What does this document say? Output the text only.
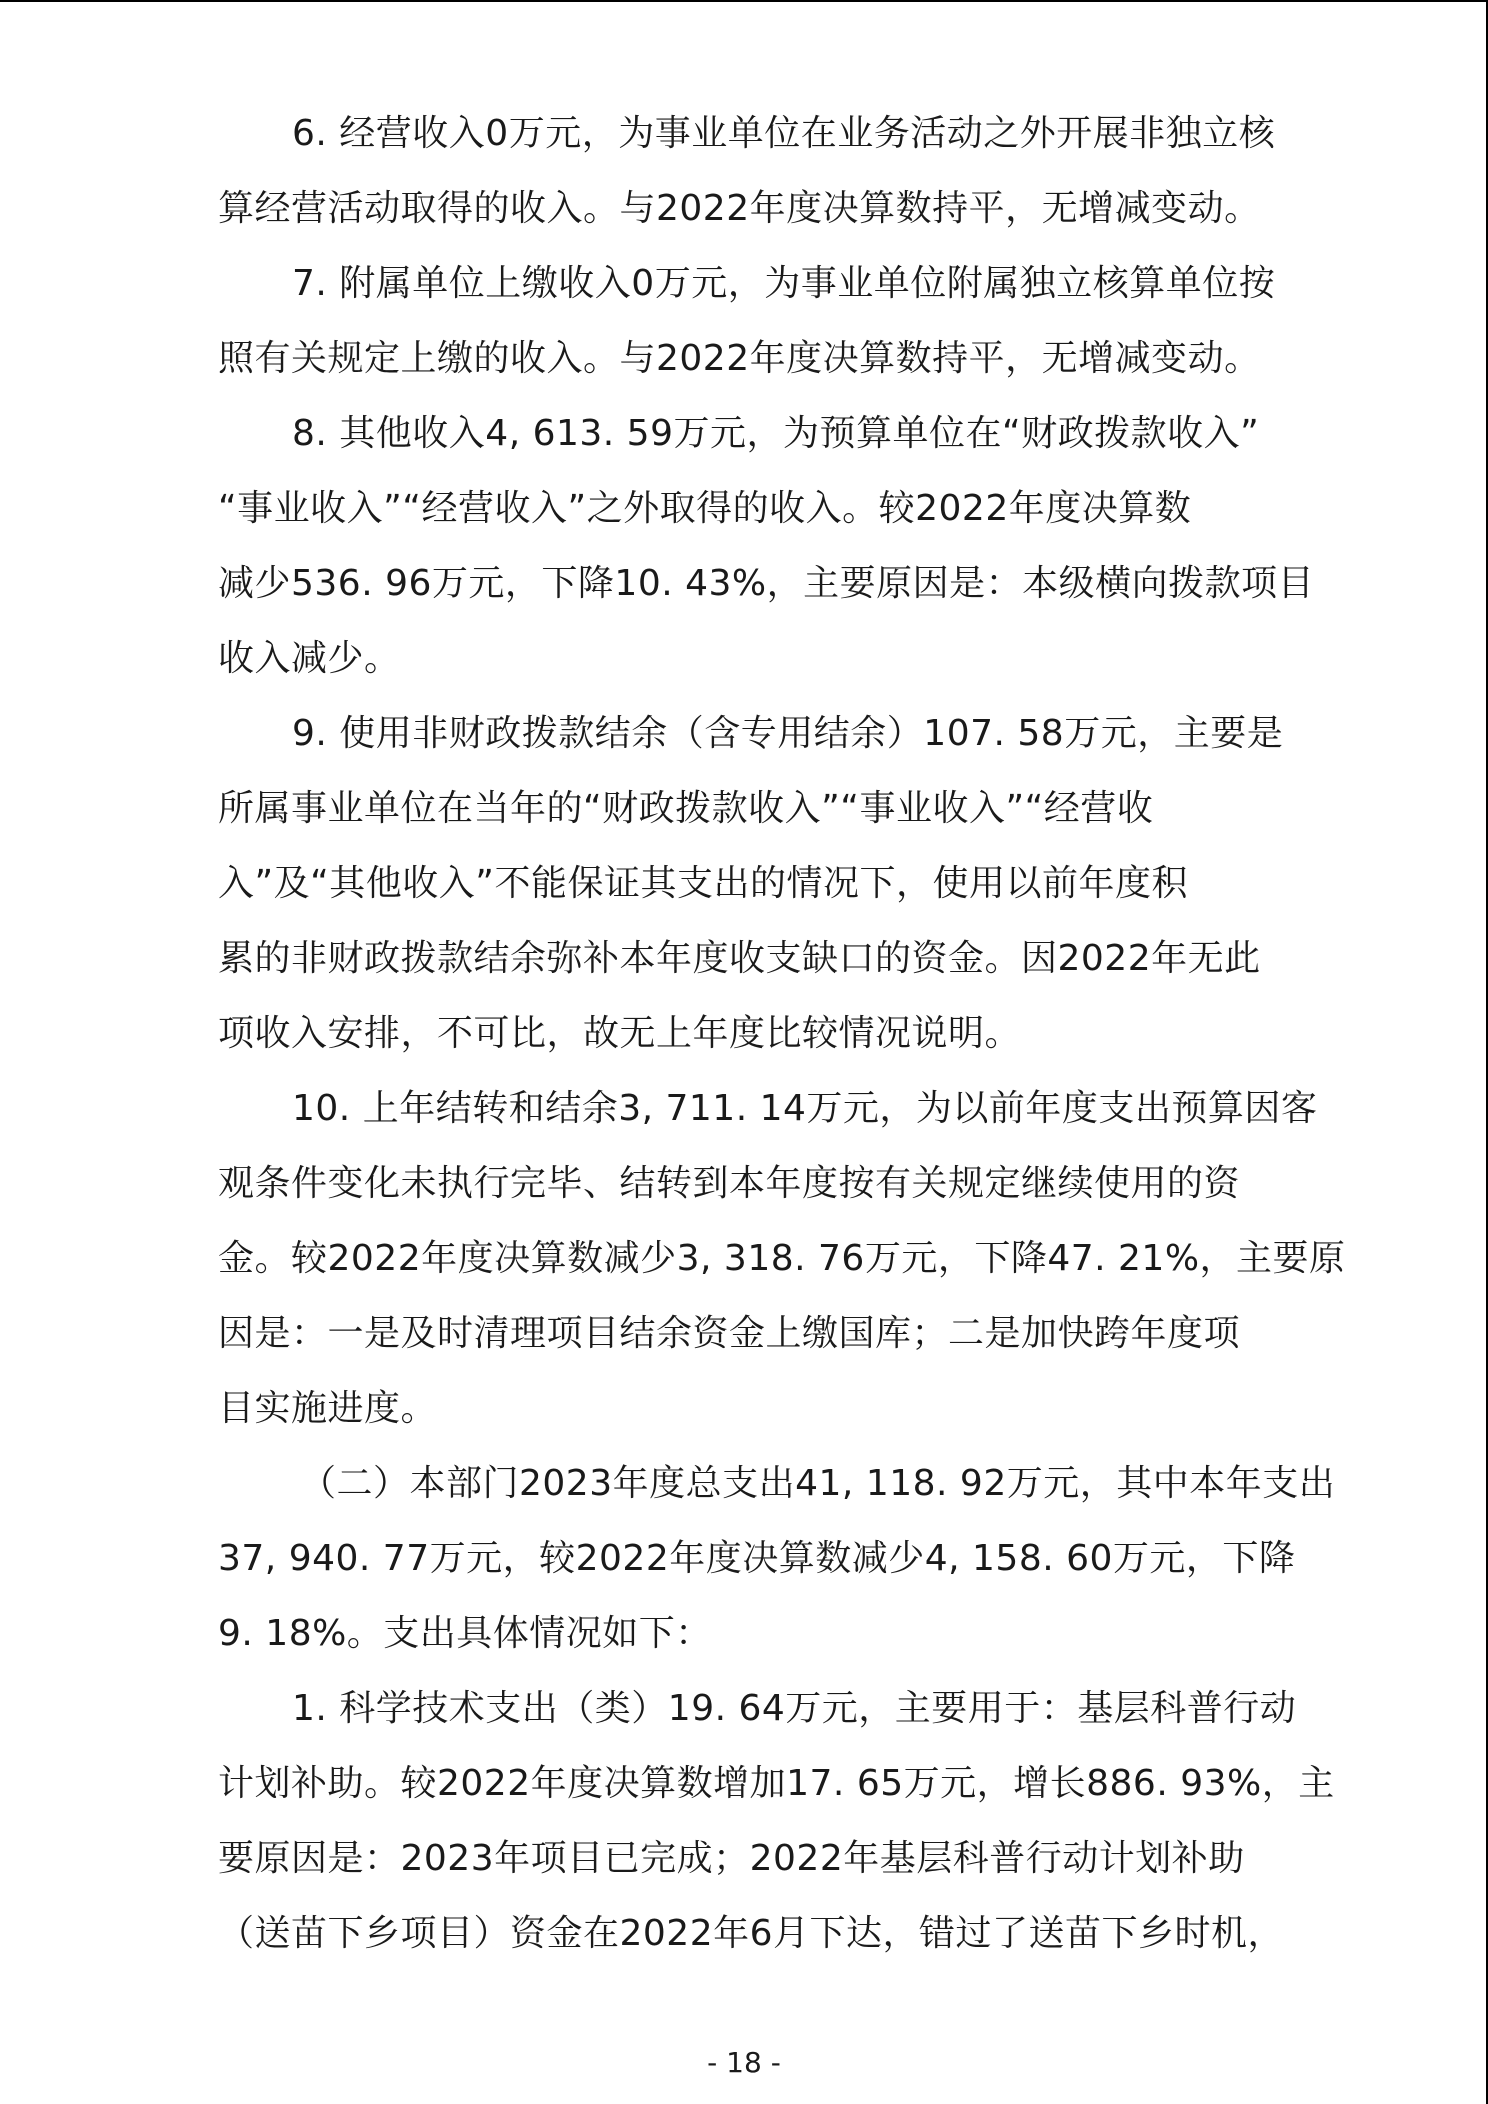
6. 经营收入0万元，为事业单位在业务活动之外开展非独立核
算经营活动取得的收入。与2022年度决算数持平，无增减变动。
7. 附属单位上缴收入0万元，为事业单位附属独立核算单位按
照有关规定上缴的收入。与2022年度决算数持平，无增减变动。
8. 其他收入4, 613. 59万元，为预算单位在“财政拨款收入”
“事业收入”“经营收入”之外取得的收入。较2022年度决算数
减少536. 96万元，下降10. 43%，主要原因是：本级横向拨款项目
收入减少。
9. 使用非财政拨款结余（含专用结余）107. 58万元，主要是
所属事业单位在当年的“财政拨款收入”“事业收入”“经营收
入”及“其他收入”不能保证其支出的情况下，使用以前年度积
累的非财政拨款结余弥补本年度收支缺口的资金。因2022年无此
项收入安排，不可比，故无上年度比较情况说明。
10. 上年结转和结余3, 711. 14万元，为以前年度支出预算因客
观条件变化未执行完毕、结转到本年度按有关规定继续使用的资
金。较2022年度决算数减少3, 318. 76万元，下降47. 21%，主要原
因是：一是及时清理项目结余资金上缴国库；二是加快跨年度项
目实施进度。
（二）本部门2023年度总支出41, 118. 92万元，其中本年支出
37, 940. 77万元，较2022年度决算数减少4, 158. 60万元，下降
9. 18%。支出具体情况如下：
1. 科学技术支出（类）19. 64万元，主要用于：基层科普行动
计划补助。较2022年度决算数增加17. 65万元，增长886. 93%，主
要原因是：2023年项目已完成；2022年基层科普行动计划补助
（送苗下乡项目）资金在2022年6月下达，错过了送苗下乡时机，
- 18 -
